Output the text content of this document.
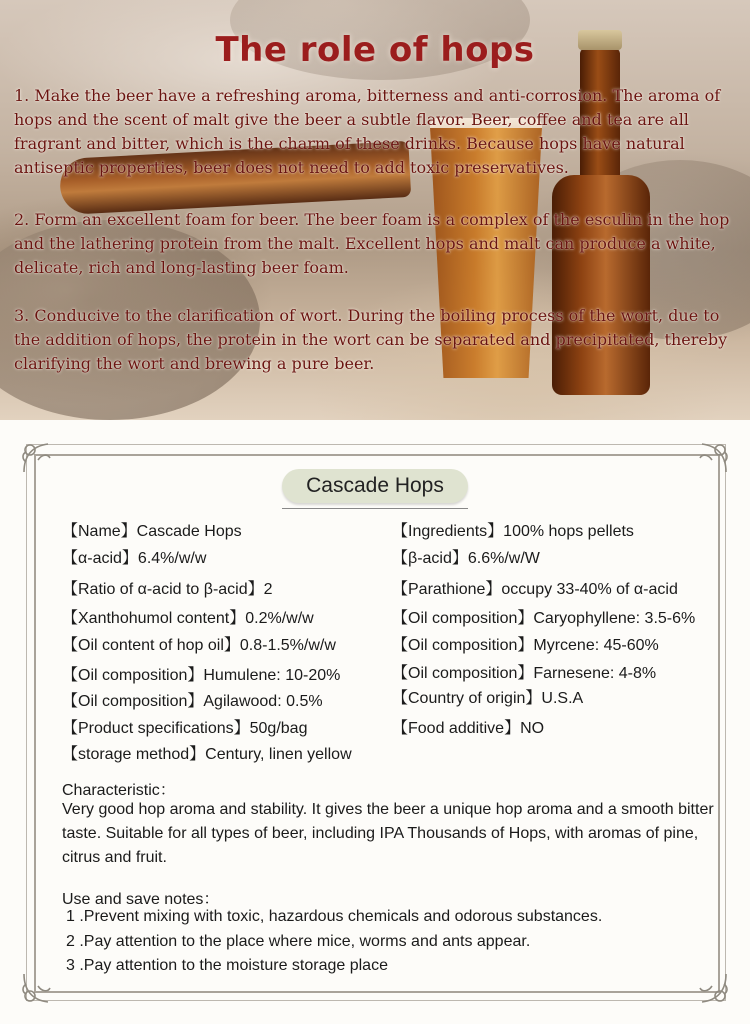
The role of hops
1. Make the beer have a refreshing aroma, bitterness and anti-corrosion. The aroma of hops and the scent of malt give the beer a subtle flavor. Beer, coffee and tea are all fragrant and bitter, which is the charm of these drinks. Because hops have natural antiseptic properties, beer does not need to add toxic preservatives.
2. Form an excellent foam for beer. The beer foam is a complex of the esculin in the hop and the lathering protein from the malt. Excellent hops and malt can produce a white, delicate, rich and long-lasting beer foam.
3. Conducive to the clarification of wort. During the boiling process of the wort, due to the addition of hops, the protein in the wort can be separated and precipitated, thereby clarifying the wort and brewing a pure beer.
Cascade Hops
【Name】Cascade Hops
【α-acid】6.4%/w/w
【Ratio of α-acid to β-acid】2
【Xanthohumol content】0.2%/w/w
【Oil content of hop oil】0.8-1.5%/w/w
【Oil composition】Humulene: 10-20%
【Oil composition】Agilawood: 0.5%
【Product specifications】50g/bag
【storage method】Century, linen yellow
【Ingredients】100% hops pellets
【β-acid】6.6%/w/W
【Parathione】occupy 33-40% of α-acid
【Oil composition】Caryophyllene: 3.5-6%
【Oil composition】Myrcene: 45-60%
【Oil composition】Farnesene: 4-8%
【Country of origin】U.S.A
【Food additive】NO
Characteristic：
Very good hop aroma and stability. It gives the beer a unique hop aroma and a smooth bitter taste. Suitable for all types of beer, including IPA Thousands of Hops, with aromas of pine, citrus and fruit.
Use and save notes：
1 .Prevent mixing with toxic, hazardous chemicals and odorous substances.
2 .Pay attention to the place where mice, worms and ants appear.
3 .Pay attention to the moisture storage place
